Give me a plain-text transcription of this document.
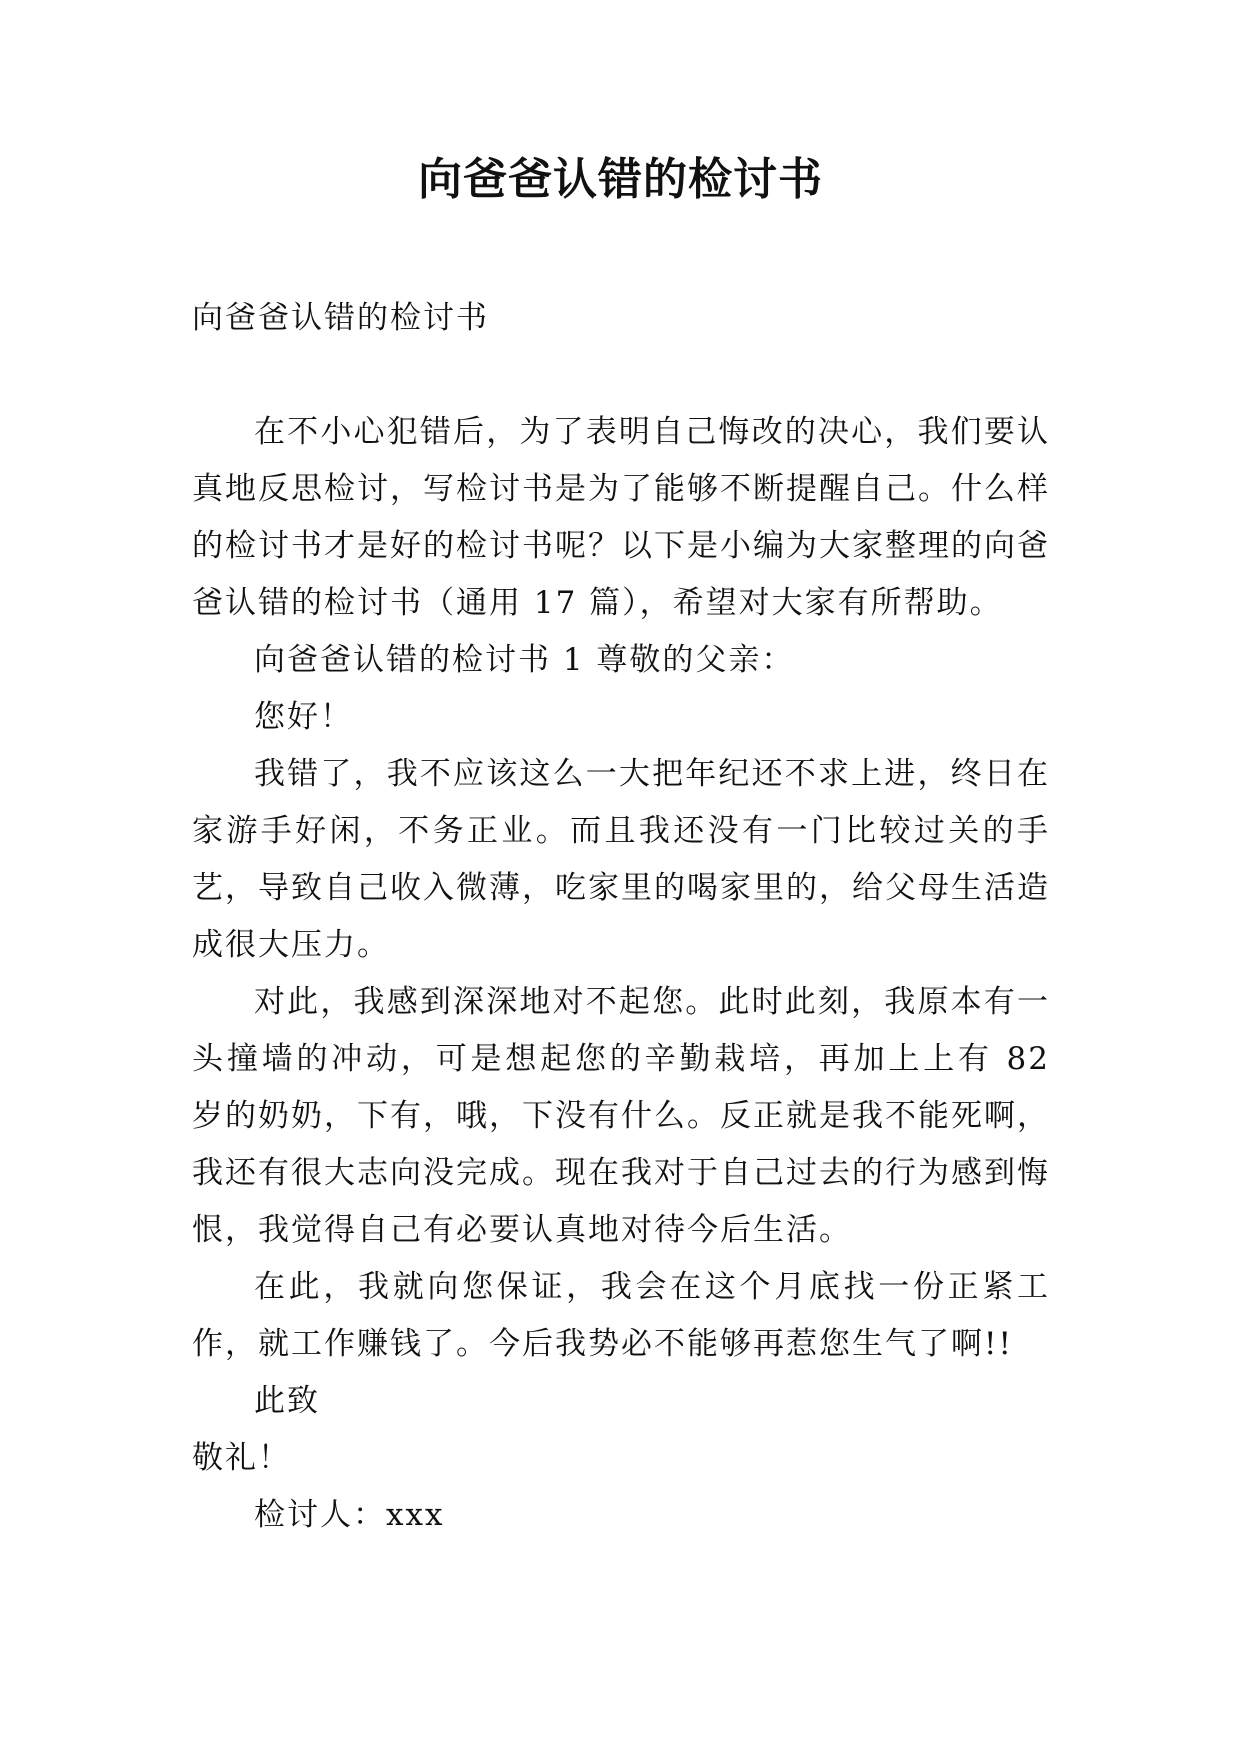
向爸爸认错的检讨书

向爸爸认错的检讨书

在不小心犯错后，为了表明自己悔改的决心，我们要认真地反思检讨，写检讨书是为了能够不断提醒自己。什么样的检讨书才是好的检讨书呢？以下是小编为大家整理的向爸爸认错的检讨书（通用 17 篇），希望对大家有所帮助。

向爸爸认错的检讨书 1 尊敬的父亲：

您好！

我错了，我不应该这么一大把年纪还不求上进，终日在家游手好闲，不务正业。而且我还没有一门比较过关的手艺，导致自己收入微薄，吃家里的喝家里的，给父母生活造成很大压力。

对此，我感到深深地对不起您。此时此刻，我原本有一头撞墙的冲动，可是想起您的辛勤栽培，再加上上有 82 岁的奶奶，下有，哦，下没有什么。反正就是我不能死啊，我还有很大志向没完成。现在我对于自己过去的行为感到悔恨，我觉得自己有必要认真地对待今后生活。

在此，我就向您保证，我会在这个月底找一份正紧工作，就工作赚钱了。今后我势必不能够再惹您生气了啊!!

此致

敬礼！

检讨人：xxx
